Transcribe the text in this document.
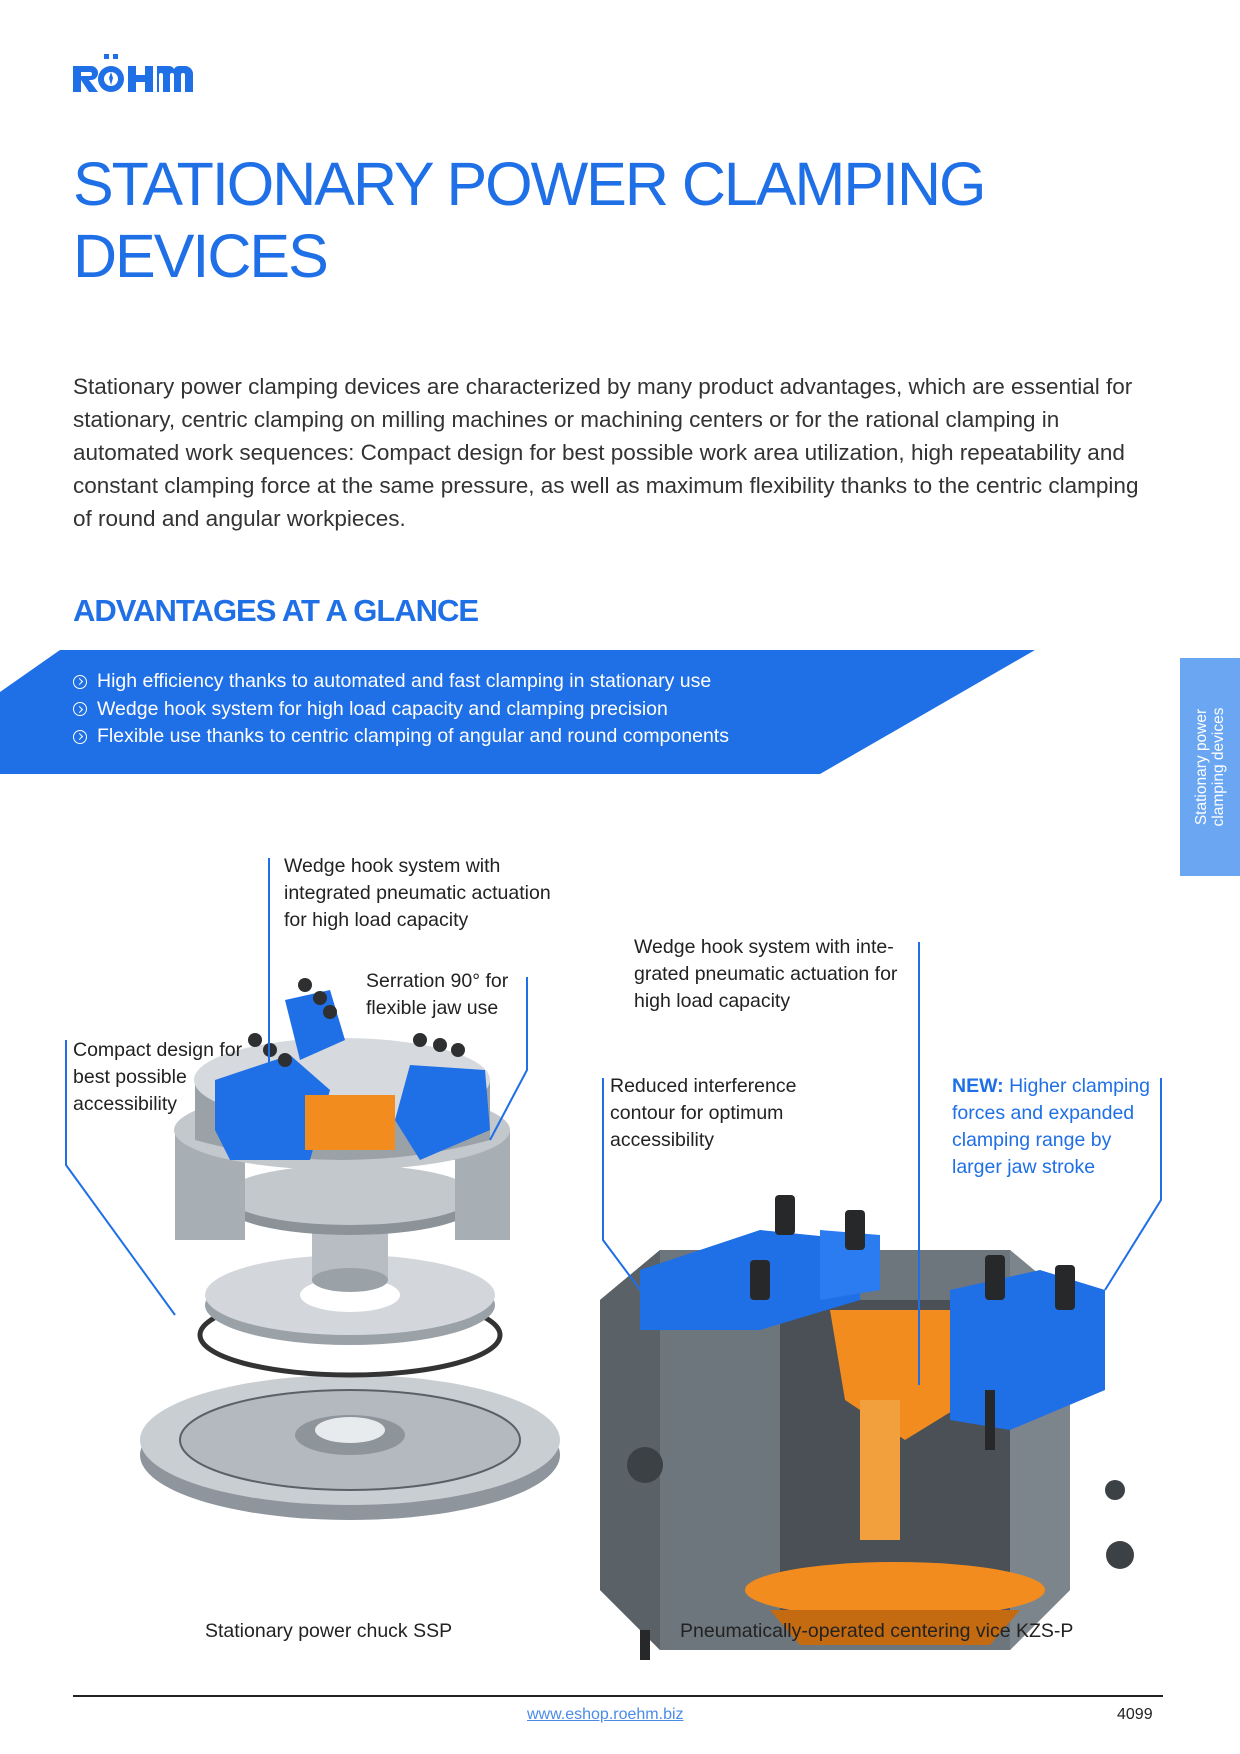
STATIONARY POWER CLAMPING DEVICES

Stationary power clamping devices are characterized by many product advantages, which are essential for stationary, centric clamping on milling machines or machining centers or for the rational clamping in automated work sequences: Compact design for best possible work area utilization, high repeatability and constant clamping force at the same pressure, as well as maximum flexibility thanks to the centric clamping of round and angular workpieces.

ADVANTAGES AT A GLANCE
High efficiency thanks to automated and fast clamping in stationary use
Wedge hook system for high load capacity and clamping precision
Flexible use thanks to centric clamping of angular and round components	Stationary power clamping devices
Wedge hook system with
integrated pneumatic actuation
for high load capacity
Serration 90° for
flexible jaw use
Compact design for
best possible
accessibility
Wedge hook system with inte-
grated pneumatic actuation for
high load capacity
Reduced interference
contour for optimum
accessibility
NEW: Higher clamping
forces and expanded
clamping range by
larger jaw stroke
Stationary power chuck SSP	Pneumatically-operated centering vice KZS-P
www.eshop.roehm.biz	4099
